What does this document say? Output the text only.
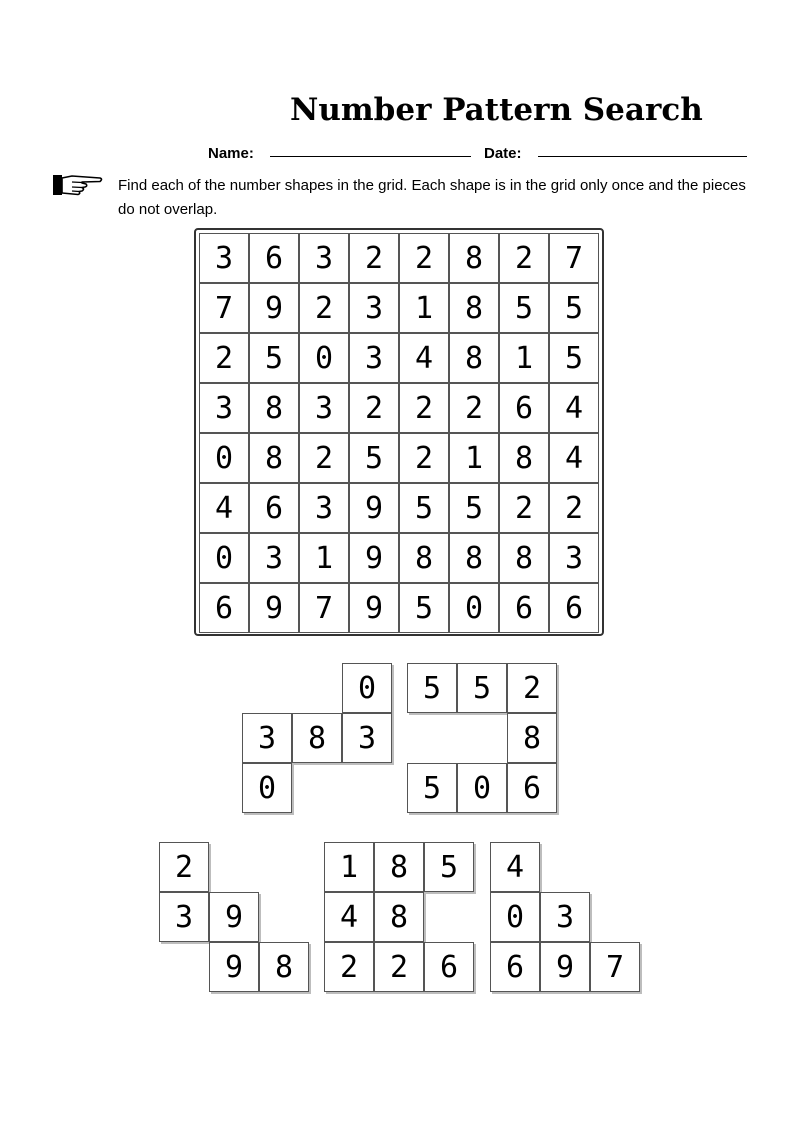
Number Pattern Search
Name:	Date:
Find each of the number shapes in the grid. Each shape is in the grid only once and the pieces do not overlap.
3	6	3	2	2	8	2	7
7	9	2	3	1	8	5	5
2	5	0	3	4	8	1	5
3	8	3	2	2	2	6	4
0	8	2	5	2	1	8	4
4	6	3	9	5	5	2	2
0	3	1	9	8	8	8	3
6	9	7	9	5	0	6	6
0
3	8	3
0
5	5	2
8
5	0	6
2
3	9
9	8
1	8	5
4	8
2	2	6
4
0	3
6	9	7
